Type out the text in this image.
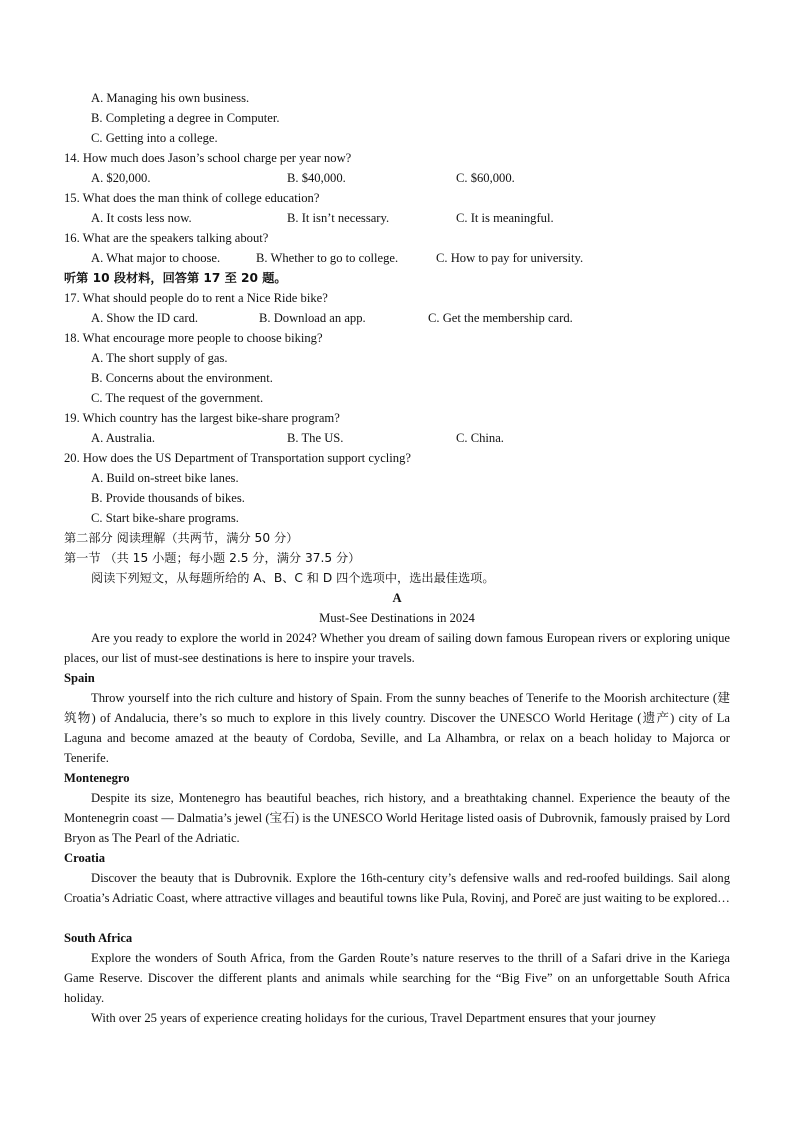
A. Managing his own business.
B. Completing a degree in Computer.
C. Getting into a college.
14. How much does Jason’s school charge per year now?
A. $20,000.	B. $40,000.	C. $60,000.
15. What does the man think of college education?
A. It costs less now.	B. It isn’t necessary.	C. It is meaningful.
16. What are the speakers talking about?
A. What major to choose.	B. Whether to go to college.	C. How to pay for university.
听第 10 段材料，回答第 17 至 20 题。
17. What should people do to rent a Nice Ride bike?
A. Show the ID card.	B. Download an app.	C. Get the membership card.
18. What encourage more people to choose biking?
A. The short supply of gas.
B. Concerns about the environment.
C. The request of the government.
19. Which country has the largest bike-share program?
A. Australia.	B. The US.	C. China.
20. How does the US Department of Transportation support cycling?
A. Build on-street bike lanes.
B. Provide thousands of bikes.
C. Start bike-share programs.
第二部分 阅读理解（共两节，满分 50 分）
第一节 （共 15 小题；每小题 2.5 分，满分 37.5 分）
阅读下列短文，从每题所给的 A、B、C 和 D 四个选项中，选出最佳选项。
A
Must-See Destinations in 2024
Are you ready to explore the world in 2024? Whether you dream of sailing down famous European rivers or exploring unique places, our list of must-see destinations is here to inspire your travels.
Spain
Throw yourself into the rich culture and history of Spain. From the sunny beaches of Tenerife to the Moorish architecture (建筑物) of Andalucia, there’s so much to explore in this lively country. Discover the UNESCO World Heritage (遗产) city of La Laguna and become amazed at the beauty of Cordoba, Seville, and La Alhambra, or relax on a beach holiday to Majorca or Tenerife.
Montenegro
Despite its size, Montenegro has beautiful beaches, rich history, and a breathtaking channel. Experience the beauty of the Montenegrin coast — Dalmatia’s jewel (宝石) is the UNESCO World Heritage listed oasis of Dubrovnik, famously praised by Lord Bryon as The Pearl of the Adriatic.
Croatia
Discover the beauty that is Dubrovnik. Explore the 16th-century city’s defensive walls and red-roofed buildings. Sail along Croatia’s Adriatic Coast, where attractive villages and beautiful towns like Pula, Rovinj, and Poreč are just waiting to be explored…
South Africa
Explore the wonders of South Africa, from the Garden Route’s nature reserves to the thrill of a Safari drive in the Kariega Game Reserve. Discover the different plants and animals while searching for the “Big Five” on an unforgettable South Africa holiday.
With over 25 years of experience creating holidays for the curious, Travel Department ensures that your journey
